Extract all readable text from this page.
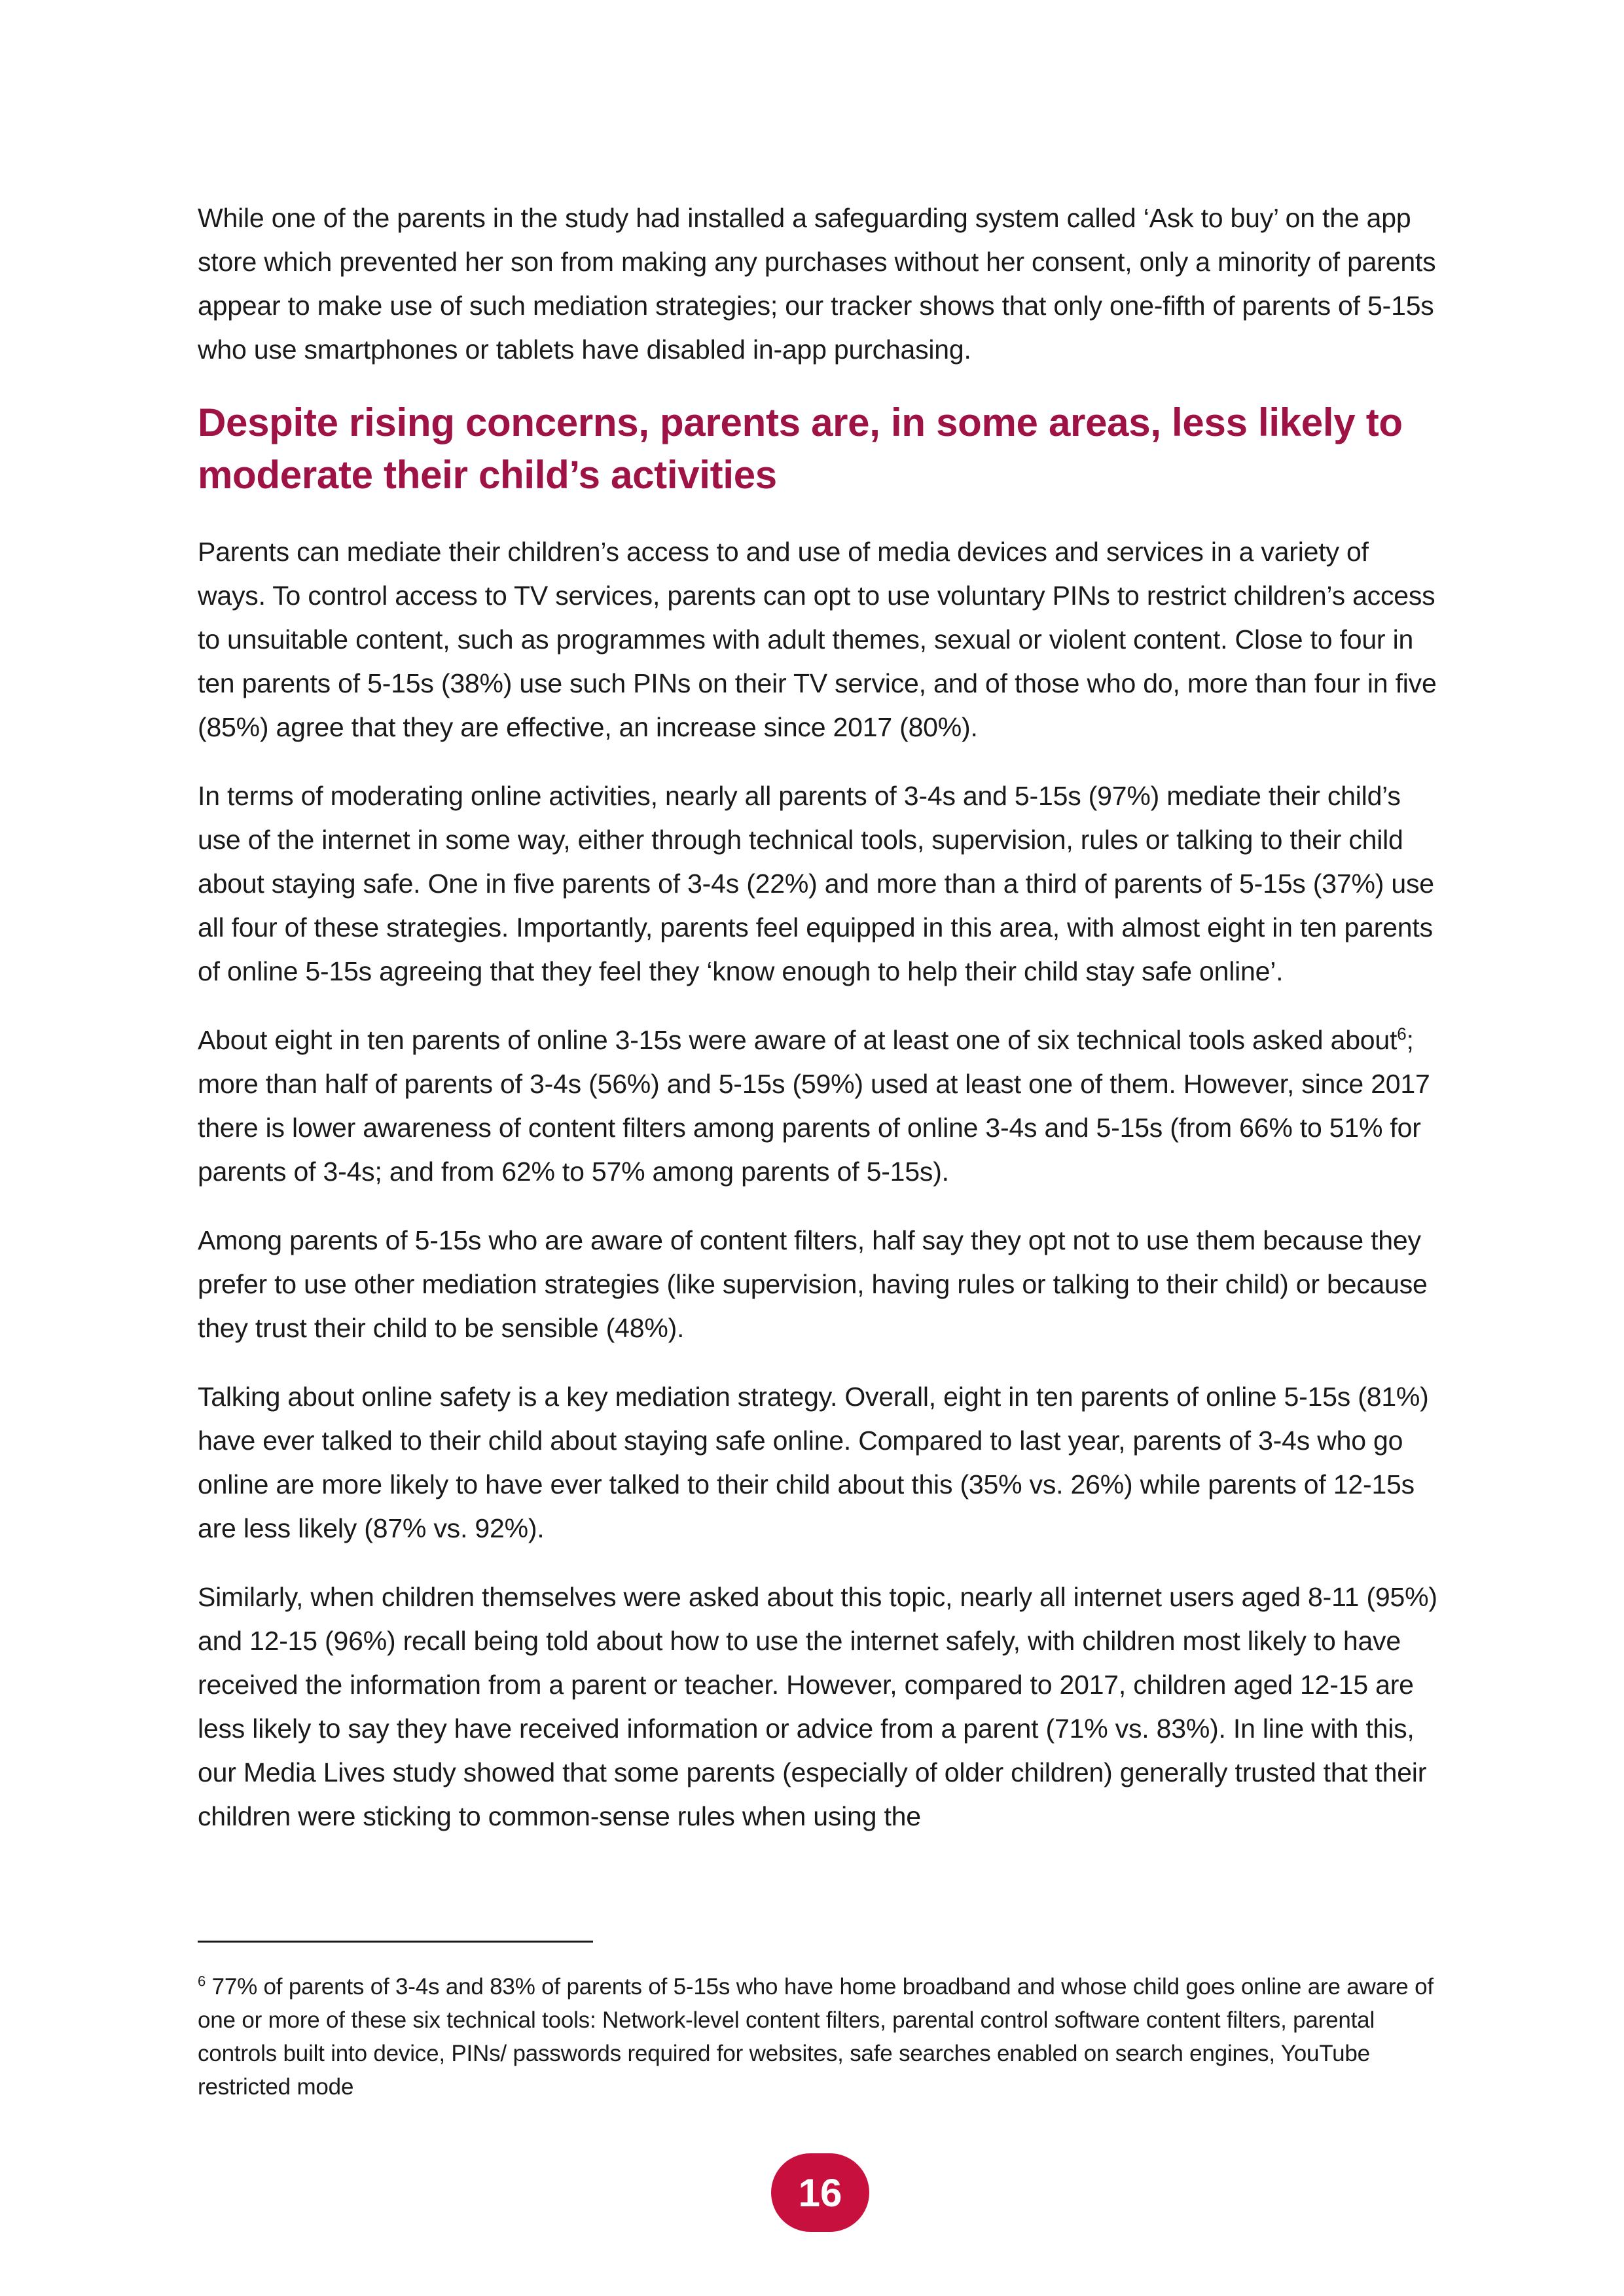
While one of the parents in the study had installed a safeguarding system called ‘Ask to buy’ on the app store which prevented her son from making any purchases without her consent, only a minority of parents appear to make use of such mediation strategies; our tracker shows that only one-fifth of parents of 5-15s who use smartphones or tablets have disabled in-app purchasing.

Despite rising concerns, parents are, in some areas, less likely to moderate their child’s activities

Parents can mediate their children’s access to and use of media devices and services in a variety of ways. To control access to TV services, parents can opt to use voluntary PINs to restrict children’s access to unsuitable content, such as programmes with adult themes, sexual or violent content. Close to four in ten parents of 5-15s (38%) use such PINs on their TV service, and of those who do, more than four in five (85%) agree that they are effective, an increase since 2017 (80%).

In terms of moderating online activities, nearly all parents of 3-4s and 5-15s (97%) mediate their child’s use of the internet in some way, either through technical tools, supervision, rules or talking to their child about staying safe. One in five parents of 3-4s (22%) and more than a third of parents of 5-15s (37%) use all four of these strategies. Importantly, parents feel equipped in this area, with almost eight in ten parents of online 5-15s agreeing that they feel they ‘know enough to help their child stay safe online’.

About eight in ten parents of online 3-15s were aware of at least one of six technical tools asked about$^6$; more than half of parents of 3-4s (56%) and 5-15s (59%) used at least one of them. However, since 2017 there is lower awareness of content filters among parents of online 3-4s and 5-15s (from 66% to 51% for parents of 3-4s; and from 62% to 57% among parents of 5-15s).

Among parents of 5-15s who are aware of content filters, half say they opt not to use them because they prefer to use other mediation strategies (like supervision, having rules or talking to their child) or because they trust their child to be sensible (48%).

Talking about online safety is a key mediation strategy. Overall, eight in ten parents of online 5-15s (81%) have ever talked to their child about staying safe online. Compared to last year, parents of 3-4s who go online are more likely to have ever talked to their child about this (35% vs. 26%) while parents of 12-15s are less likely (87% vs. 92%).

Similarly, when children themselves were asked about this topic, nearly all internet users aged 8-11 (95%) and 12-15 (96%) recall being told about how to use the internet safely, with children most likely to have received the information from a parent or teacher. However, compared to 2017, children aged 12-15 are less likely to say they have received information or advice from a parent (71% vs. 83%). In line with this, our Media Lives study showed that some parents (especially of older children) generally trusted that their children were sticking to common-sense rules when using the

$^6$ 77% of parents of 3-4s and 83% of parents of 5-15s who have home broadband and whose child goes online are aware of one or more of these six technical tools: Network-level content filters, parental control software content filters, parental controls built into device, PINs/ passwords required for websites, safe searches enabled on search engines, YouTube restricted mode
16
